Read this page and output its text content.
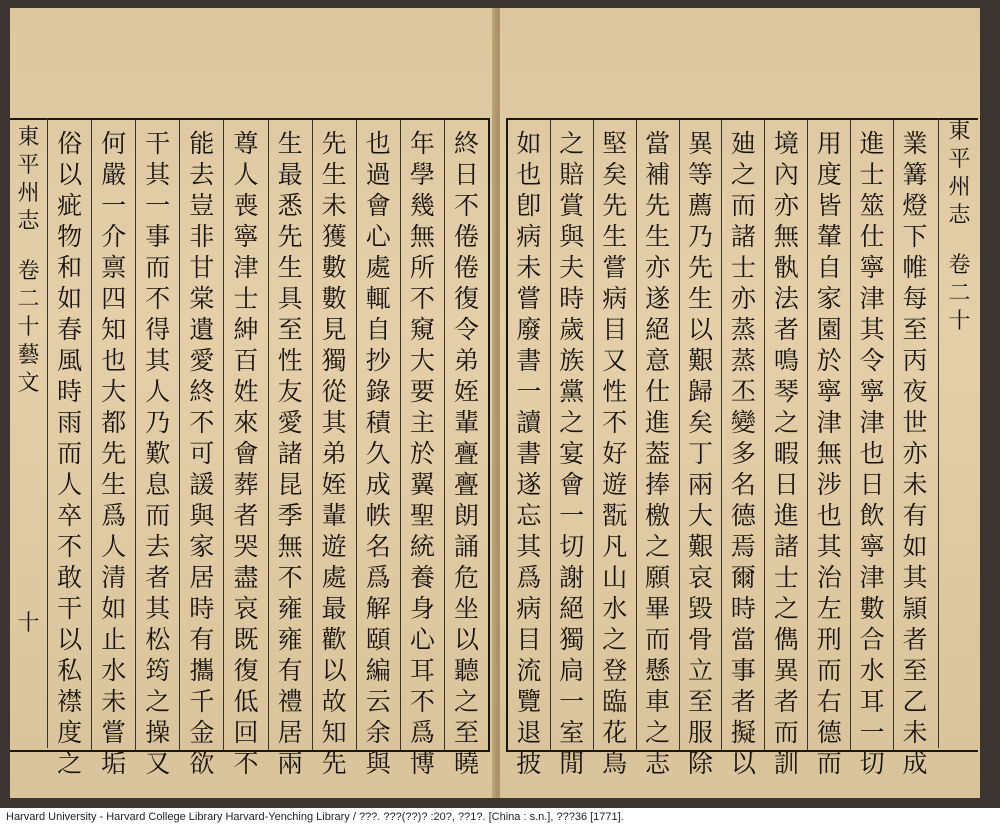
終
日
不
倦
倦
復
令
弟
姪
輩
亹
亹
朗
誦
危
坐
以
聽
之
至
曉
年
學
幾
無
所
不
窺
大
要
主
於
翼
聖
統
養
身
心
耳
不
爲
博
也
過
會
心
處
輒
自
抄
錄
積
久
成
帙
名
爲
解
頤
編
云
余
與
先
生
未
獲
數
數
見
獨
從
其
弟
姪
輩
遊
處
最
歡
以
故
知
先
生
最
悉
先
生
具
至
性
友
愛
諸
昆
季
無
不
雍
雍
有
禮
居
兩
尊
人
喪
寧
津
士
紳
百
姓
來
會
葬
者
哭
盡
哀
既
復
低
回
不
能
去
豈
非
甘
棠
遺
愛
終
不
可
諼
與
家
居
時
有
攜
千
金
欲
干
其
一
事
而
不
得
其
人
乃
歎
息
而
去
者
其
松
筠
之
操
又
何
嚴
一
介
禀
四
知
也
大
都
先
生
爲
人
清
如
止
水
未
嘗
垢
俗
以
疵
物
和
如
春
風
時
雨
而
人
卒
不
敢
干
以
私
襟
度
之
東
平
州
志
卷
二
十
藝
文
十
業
篝
燈
下
帷
每
至
丙
夜
世
亦
未
有
如
其
頴
者
至
乙
未
成
進
士
筮
仕
寧
津
其
令
寧
津
也
日
飲
寧
津
數
合
水
耳
一
切
用
度
皆
輦
自
家
園
於
寧
津
無
涉
也
其
治
左
刑
而
右
德
而
境
內
亦
無
骫
法
者
鳴
琴
之
暇
日
進
諸
士
之
儁
異
者
而
訓
廸
之
而
諸
士
亦
蒸
蒸
丕
變
多
名
德
焉
爾
時
當
事
者
擬
以
異
等
薦
乃
先
生
以
艱
歸
矣
丁
兩
大
艱
哀
毀
骨
立
至
服
除
當
補
先
生
亦
遂
絕
意
仕
進
葢
捧
檄
之
願
畢
而
懸
車
之
志
堅
矣
先
生
嘗
病
目
又
性
不
好
遊
翫
凡
山
水
之
登
臨
花
鳥
之
賠
賞
與
夫
時
歲
族
黨
之
宴
會
一
切
謝
絕
獨
扃
一
室
閒
如
也
卽
病
未
嘗
廢
書
一
讀
書
遂
忘
其
爲
病
目
流
覽
退
披
東
平
州
志
卷
二
十
Harvard University - Harvard College Library Harvard-Yenching Library / ???. ???(??)? :20?, ??1?. [China : s.n.], ???36 [1771].
